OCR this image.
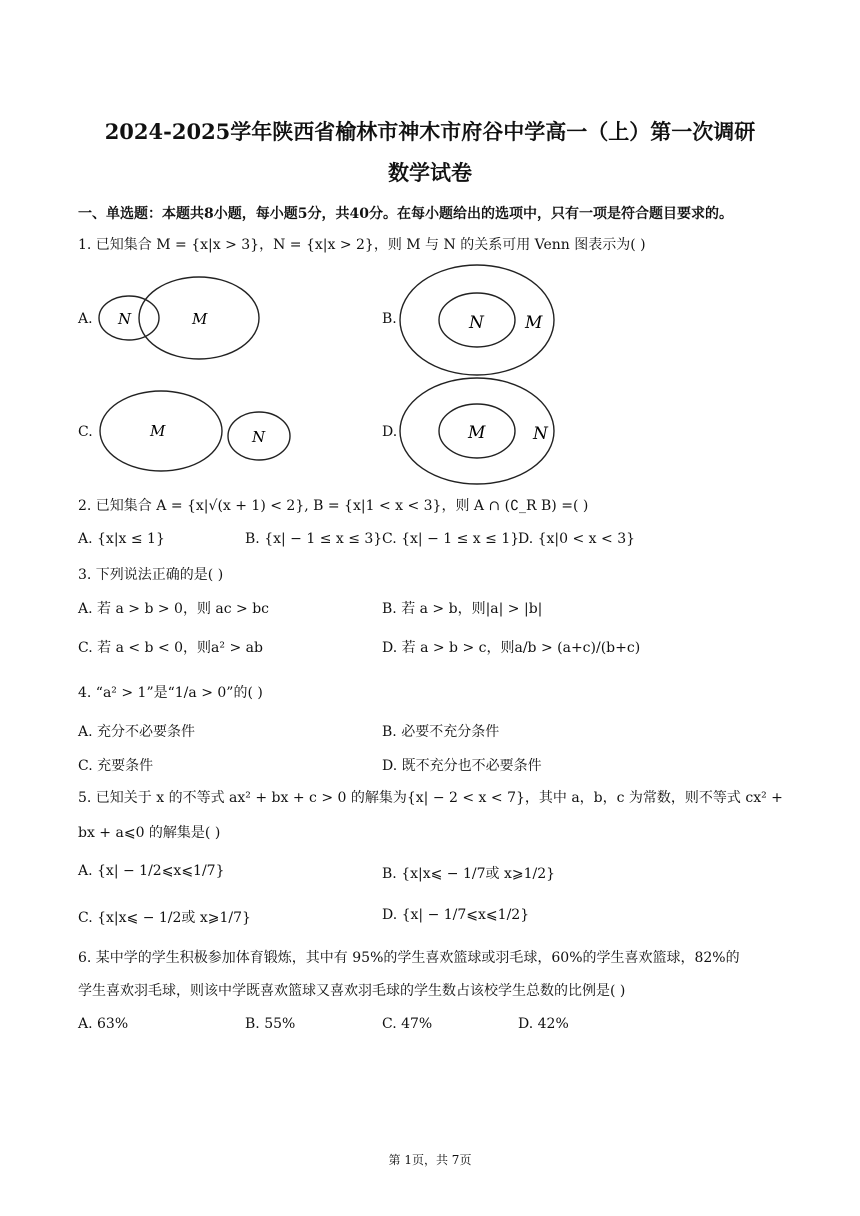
2024-2025学年陕西省榆林市神木市府谷中学高一（上）第一次调研
数学试卷
一、单选题：本题共8小题，每小题5分，共40分。在每小题给出的选项中，只有一项是符合题目要求的。
1. 已知集合 M = {x|x > 3}，N = {x|x > 2}，则 M 与 N 的关系可用 Venn 图表示为( )
A. N	M	B.	N M
C.	M	N	D.	M	N
2. 已知集合 A = {x|√(x + 1) < 2}, B = {x|1 < x < 3}，则 A ∩ (∁_R B) =( )
A. {x|x ≤ 1}	B. {x| − 1 ≤ x ≤ 3} C. {x| − 1 ≤ x ≤ 1}
D. {x|0 < x < 3}
3. 下列说法正确的是( )
A. 若 a > b > 0，则 ac > bc	B. 若 a > b，则|a| > |b|
C. 若 a < b < 0，则a² > ab	D. 若 a > b > c，则a/b > (a+c)/(b+c)
4. “a² > 1”是“1/a > 0”的( )
A. 充分不必要条件	B. 必要不充分条件
C. 充要条件	D. 既不充分也不必要条件
5. 已知关于 x 的不等式 ax² + bx + c > 0 的解集为{x| − 2 < x < 7}，其中 a，b，c 为常数，则不等式 cx² +
bx + a⩽0 的解集是( )
A. {x| − 1/2⩽x⩽1/7}	B. {x|x⩽ − 1/7或 x⩾1/2}
C. {x|x⩽ − 1/2或 x⩾1/7}	D. {x| − 1/7⩽x⩽1/2}
6. 某中学的学生积极参加体育锻炼，其中有 95%的学生喜欢篮球或羽毛球，60%的学生喜欢篮球，82%的
学生喜欢羽毛球，则该中学既喜欢篮球又喜欢羽毛球的学生数占该校学生总数的比例是( )
A. 63%	B. 55%	C. 47%	D. 42%
第 1页，共 7页
